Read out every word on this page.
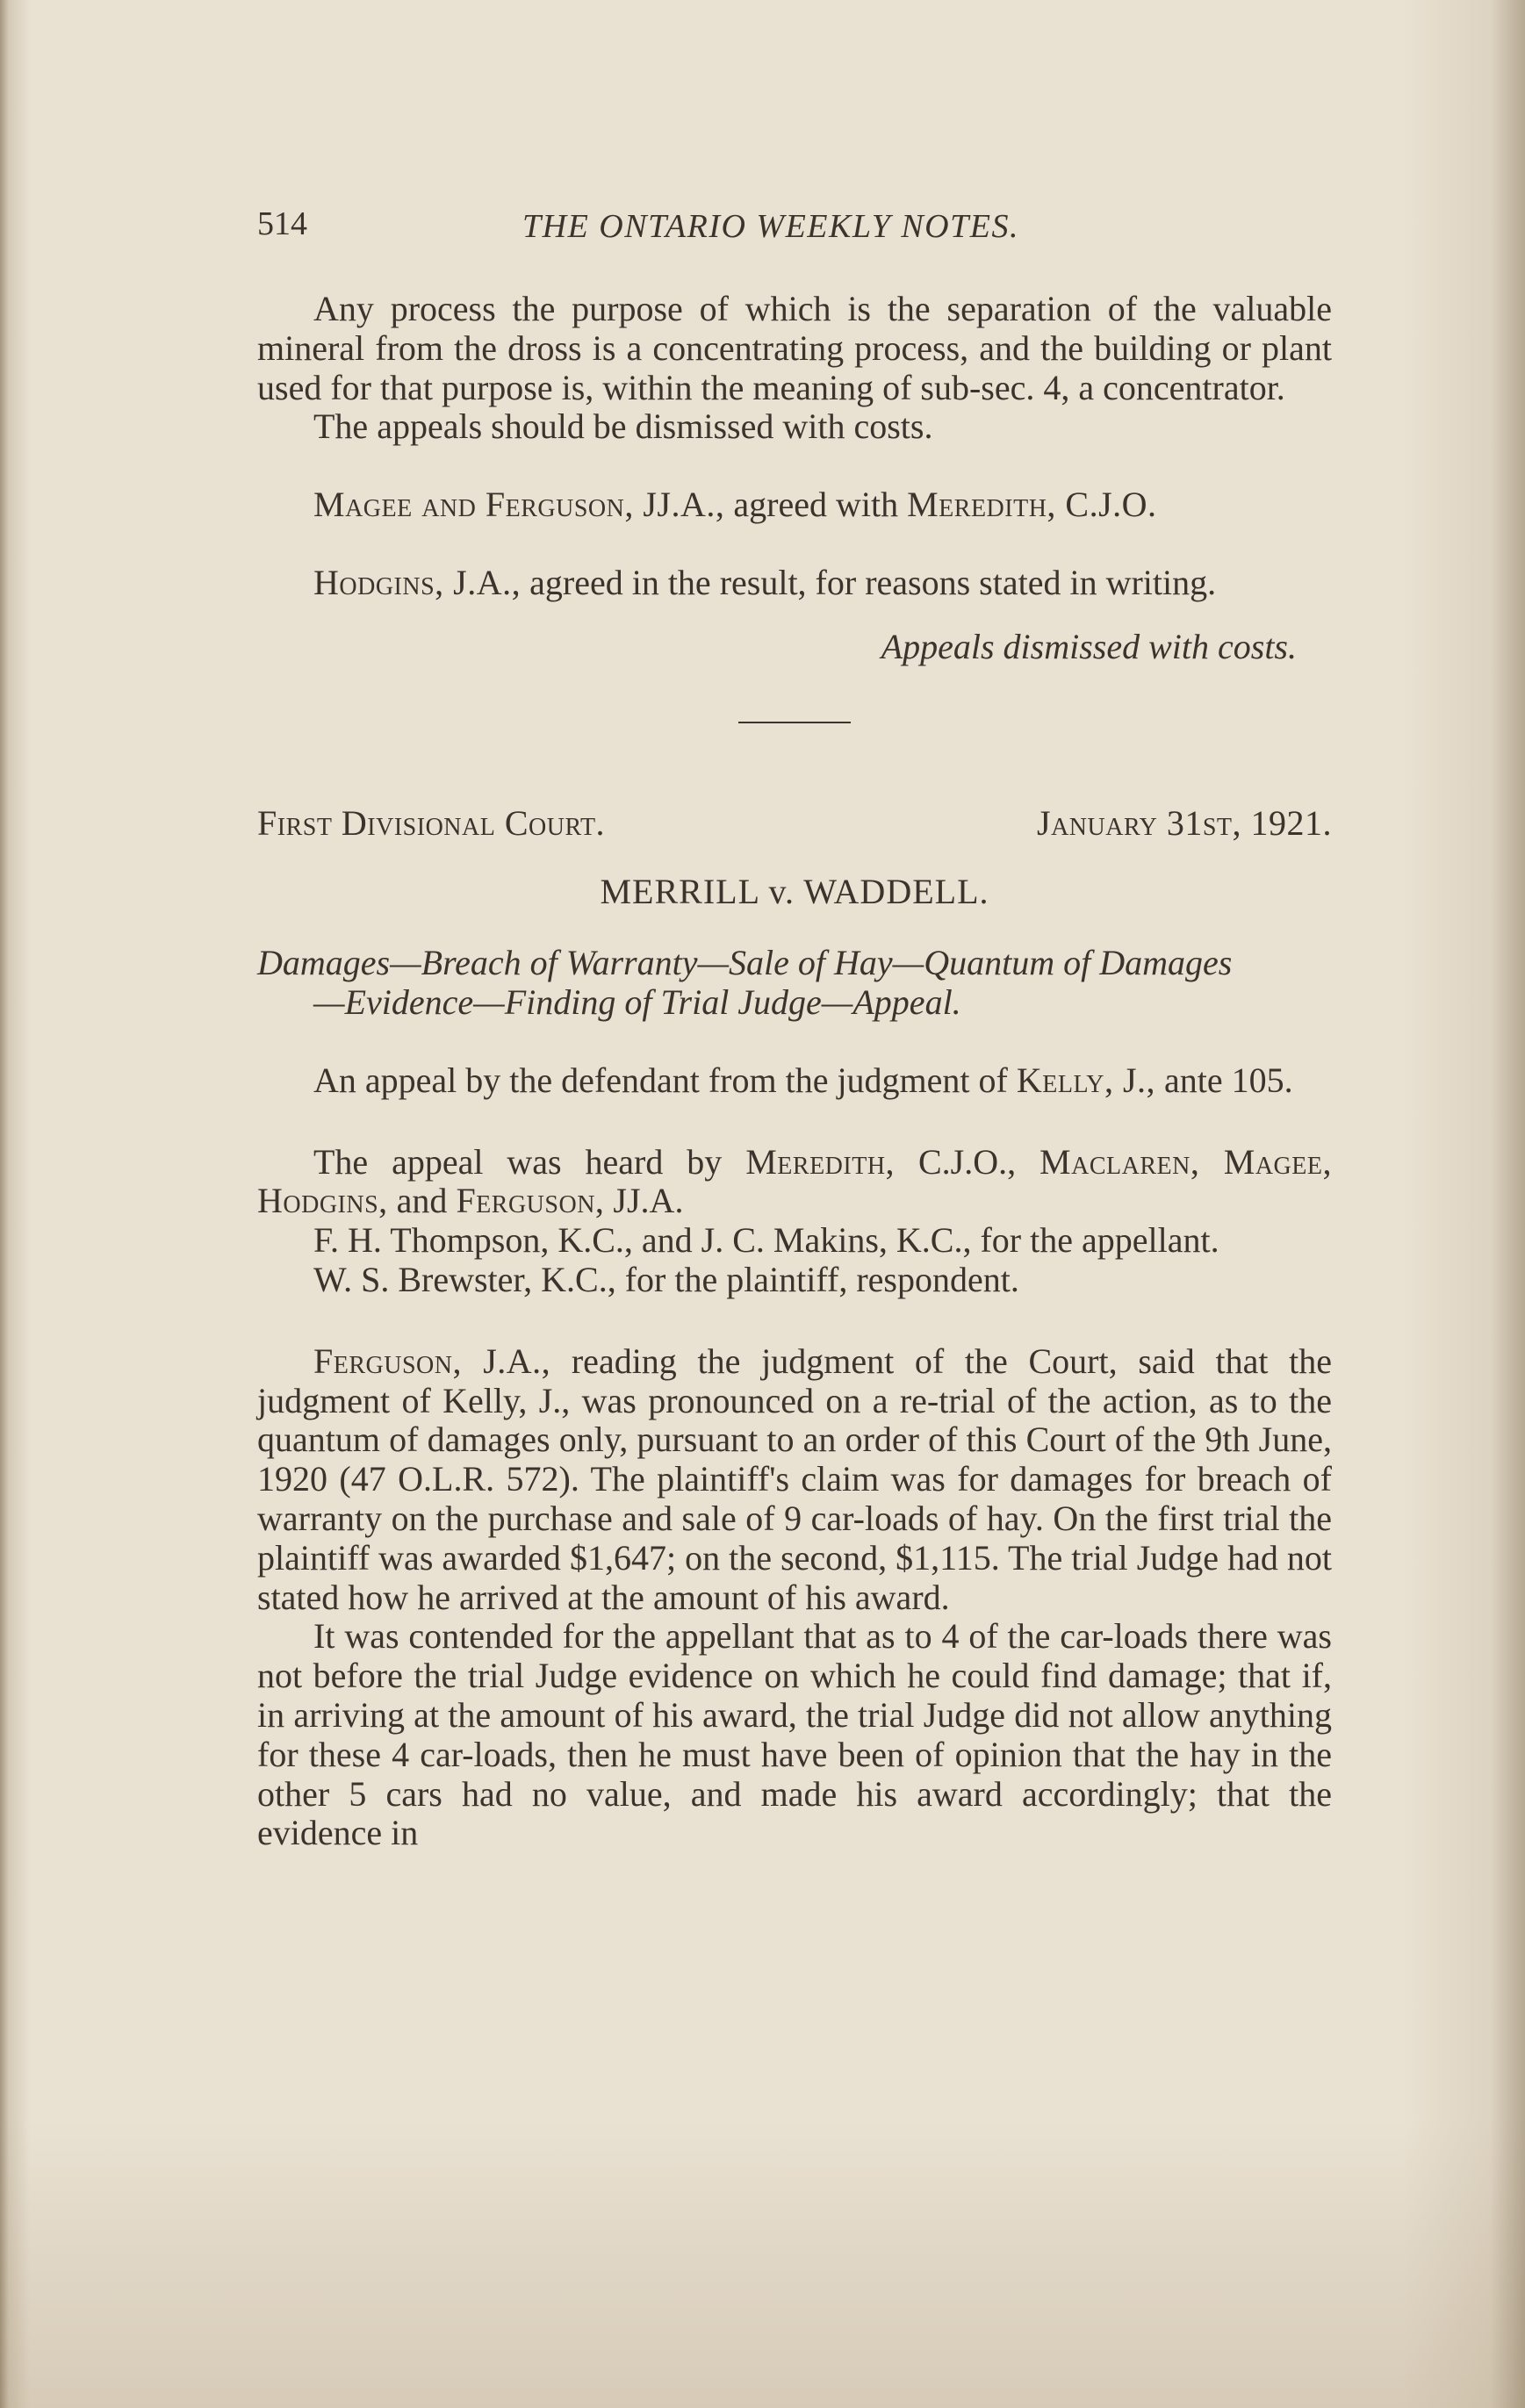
514	THE ONTARIO WEEKLY NOTES.

Any process the purpose of which is the separation of the valuable mineral from the dross is a concentrating process, and the building or plant used for that purpose is, within the meaning of sub-sec. 4, a concentrator.

The appeals should be dismissed with costs.

Magee and Ferguson, JJ.A., agreed with Meredith, C.J.O.

Hodgins, J.A., agreed in the result, for reasons stated in writing.

Appeals dismissed with costs.

First Divisional Court.	January 31st, 1921.
MERRILL v. WADDELL.

Damages—Breach of Warranty—Sale of Hay—Quantum of Damages
—Evidence—Finding of Trial Judge—Appeal.

An appeal by the defendant from the judgment of Kelly, J., ante 105.

The appeal was heard by Meredith, C.J.O., Maclaren, Magee, Hodgins, and Ferguson, JJ.A.

F. H. Thompson, K.C., and J. C. Makins, K.C., for the appellant.

W. S. Brewster, K.C., for the plaintiff, respondent.

Ferguson, J.A., reading the judgment of the Court, said that the judgment of Kelly, J., was pronounced on a re-trial of the action, as to the quantum of damages only, pursuant to an order of this Court of the 9th June, 1920 (47 O.L.R. 572). The plaintiff's claim was for damages for breach of warranty on the purchase and sale of 9 car-loads of hay. On the first trial the plaintiff was awarded $1,647; on the second, $1,115. The trial Judge had not stated how he arrived at the amount of his award.

It was contended for the appellant that as to 4 of the car-loads there was not before the trial Judge evidence on which he could find damage; that if, in arriving at the amount of his award, the trial Judge did not allow anything for these 4 car-loads, then he must have been of opinion that the hay in the other 5 cars had no value, and made his award accordingly; that the evidence in
